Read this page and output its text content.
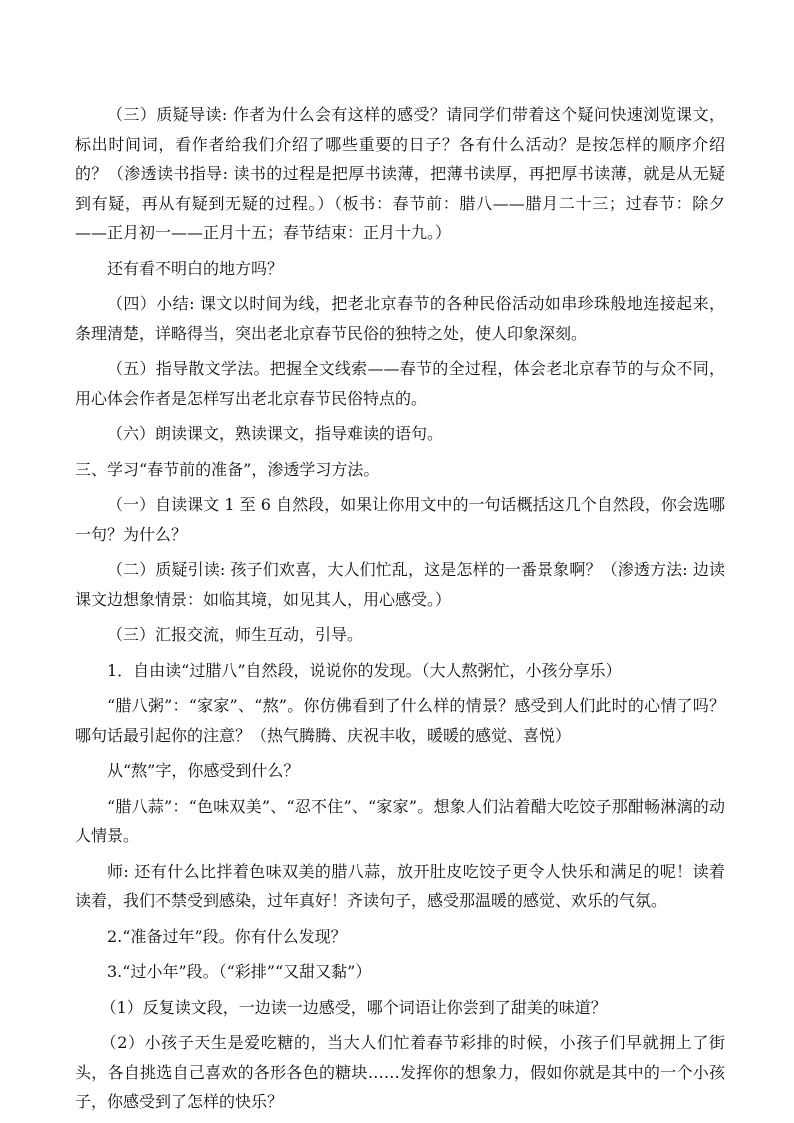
（三）质疑导读: 作者为什么会有这样的感受？请同学们带着这个疑问快速浏览课文，标出时间词，看作者给我们介绍了哪些重要的日子？各有什么活动？是按怎样的顺序介绍的？（渗透读书指导: 读书的过程是把厚书读薄，把薄书读厚，再把厚书读薄，就是从无疑到有疑，再从有疑到无疑的过程。）（板书：春节前：腊八——腊月二十三；过春节：除夕——正月初一——正月十五；春节结束：正月十九。）

还有看不明白的地方吗？

（四）小结: 课文以时间为线，把老北京春节的各种民俗活动如串珍珠般地连接起来，条理清楚，详略得当，突出老北京春节民俗的独特之处，使人印象深刻。

（五）指导散文学法。把握全文线索——春节的全过程，体会老北京春节的与众不同，用心体会作者是怎样写出老北京春节民俗特点的。

（六）朗读课文，熟读课文，指导难读的语句。

三、学习“春节前的准备”，渗透学习方法。

（一）自读课文 1 至 6 自然段，如果让你用文中的一句话概括这几个自然段，你会选哪一句？为什么？

（二）质疑引读: 孩子们欢喜，大人们忙乱，这是怎样的一番景象啊？（渗透方法: 边读课文边想象情景：如临其境，如见其人，用心感受。）

（三）汇报交流，师生互动，引导。

1．自由读“过腊八”自然段，说说你的发现。（大人熬粥忙，小孩分享乐）

“腊八粥”：“家家”、“熬”。你仿佛看到了什么样的情景？感受到人们此时的心情了吗？哪句话最引起你的注意？（热气腾腾、庆祝丰收，暖暖的感觉、喜悦）

从“熬”字，你感受到什么？

“腊八蒜”：“色味双美”、“忍不住”、“家家”。想象人们沾着醋大吃饺子那酣畅淋漓的动人情景。

师: 还有什么比拌着色味双美的腊八蒜，放开肚皮吃饺子更令人快乐和满足的呢！读着读着，我们不禁受到感染，过年真好！齐读句子，感受那温暖的感觉、欢乐的气氛。

2.“准备过年”段。你有什么发现？

3.“过小年”段。（“彩排”“又甜又黏”）

（1）反复读文段，一边读一边感受，哪个词语让你尝到了甜美的味道？

（2）小孩子天生是爱吃糖的，当大人们忙着春节彩排的时候，小孩子们早就拥上了街头，各自挑选自己喜欢的各形各色的糖块……发挥你的想象力，假如你就是其中的一个小孩子，你感受到了怎样的快乐？
